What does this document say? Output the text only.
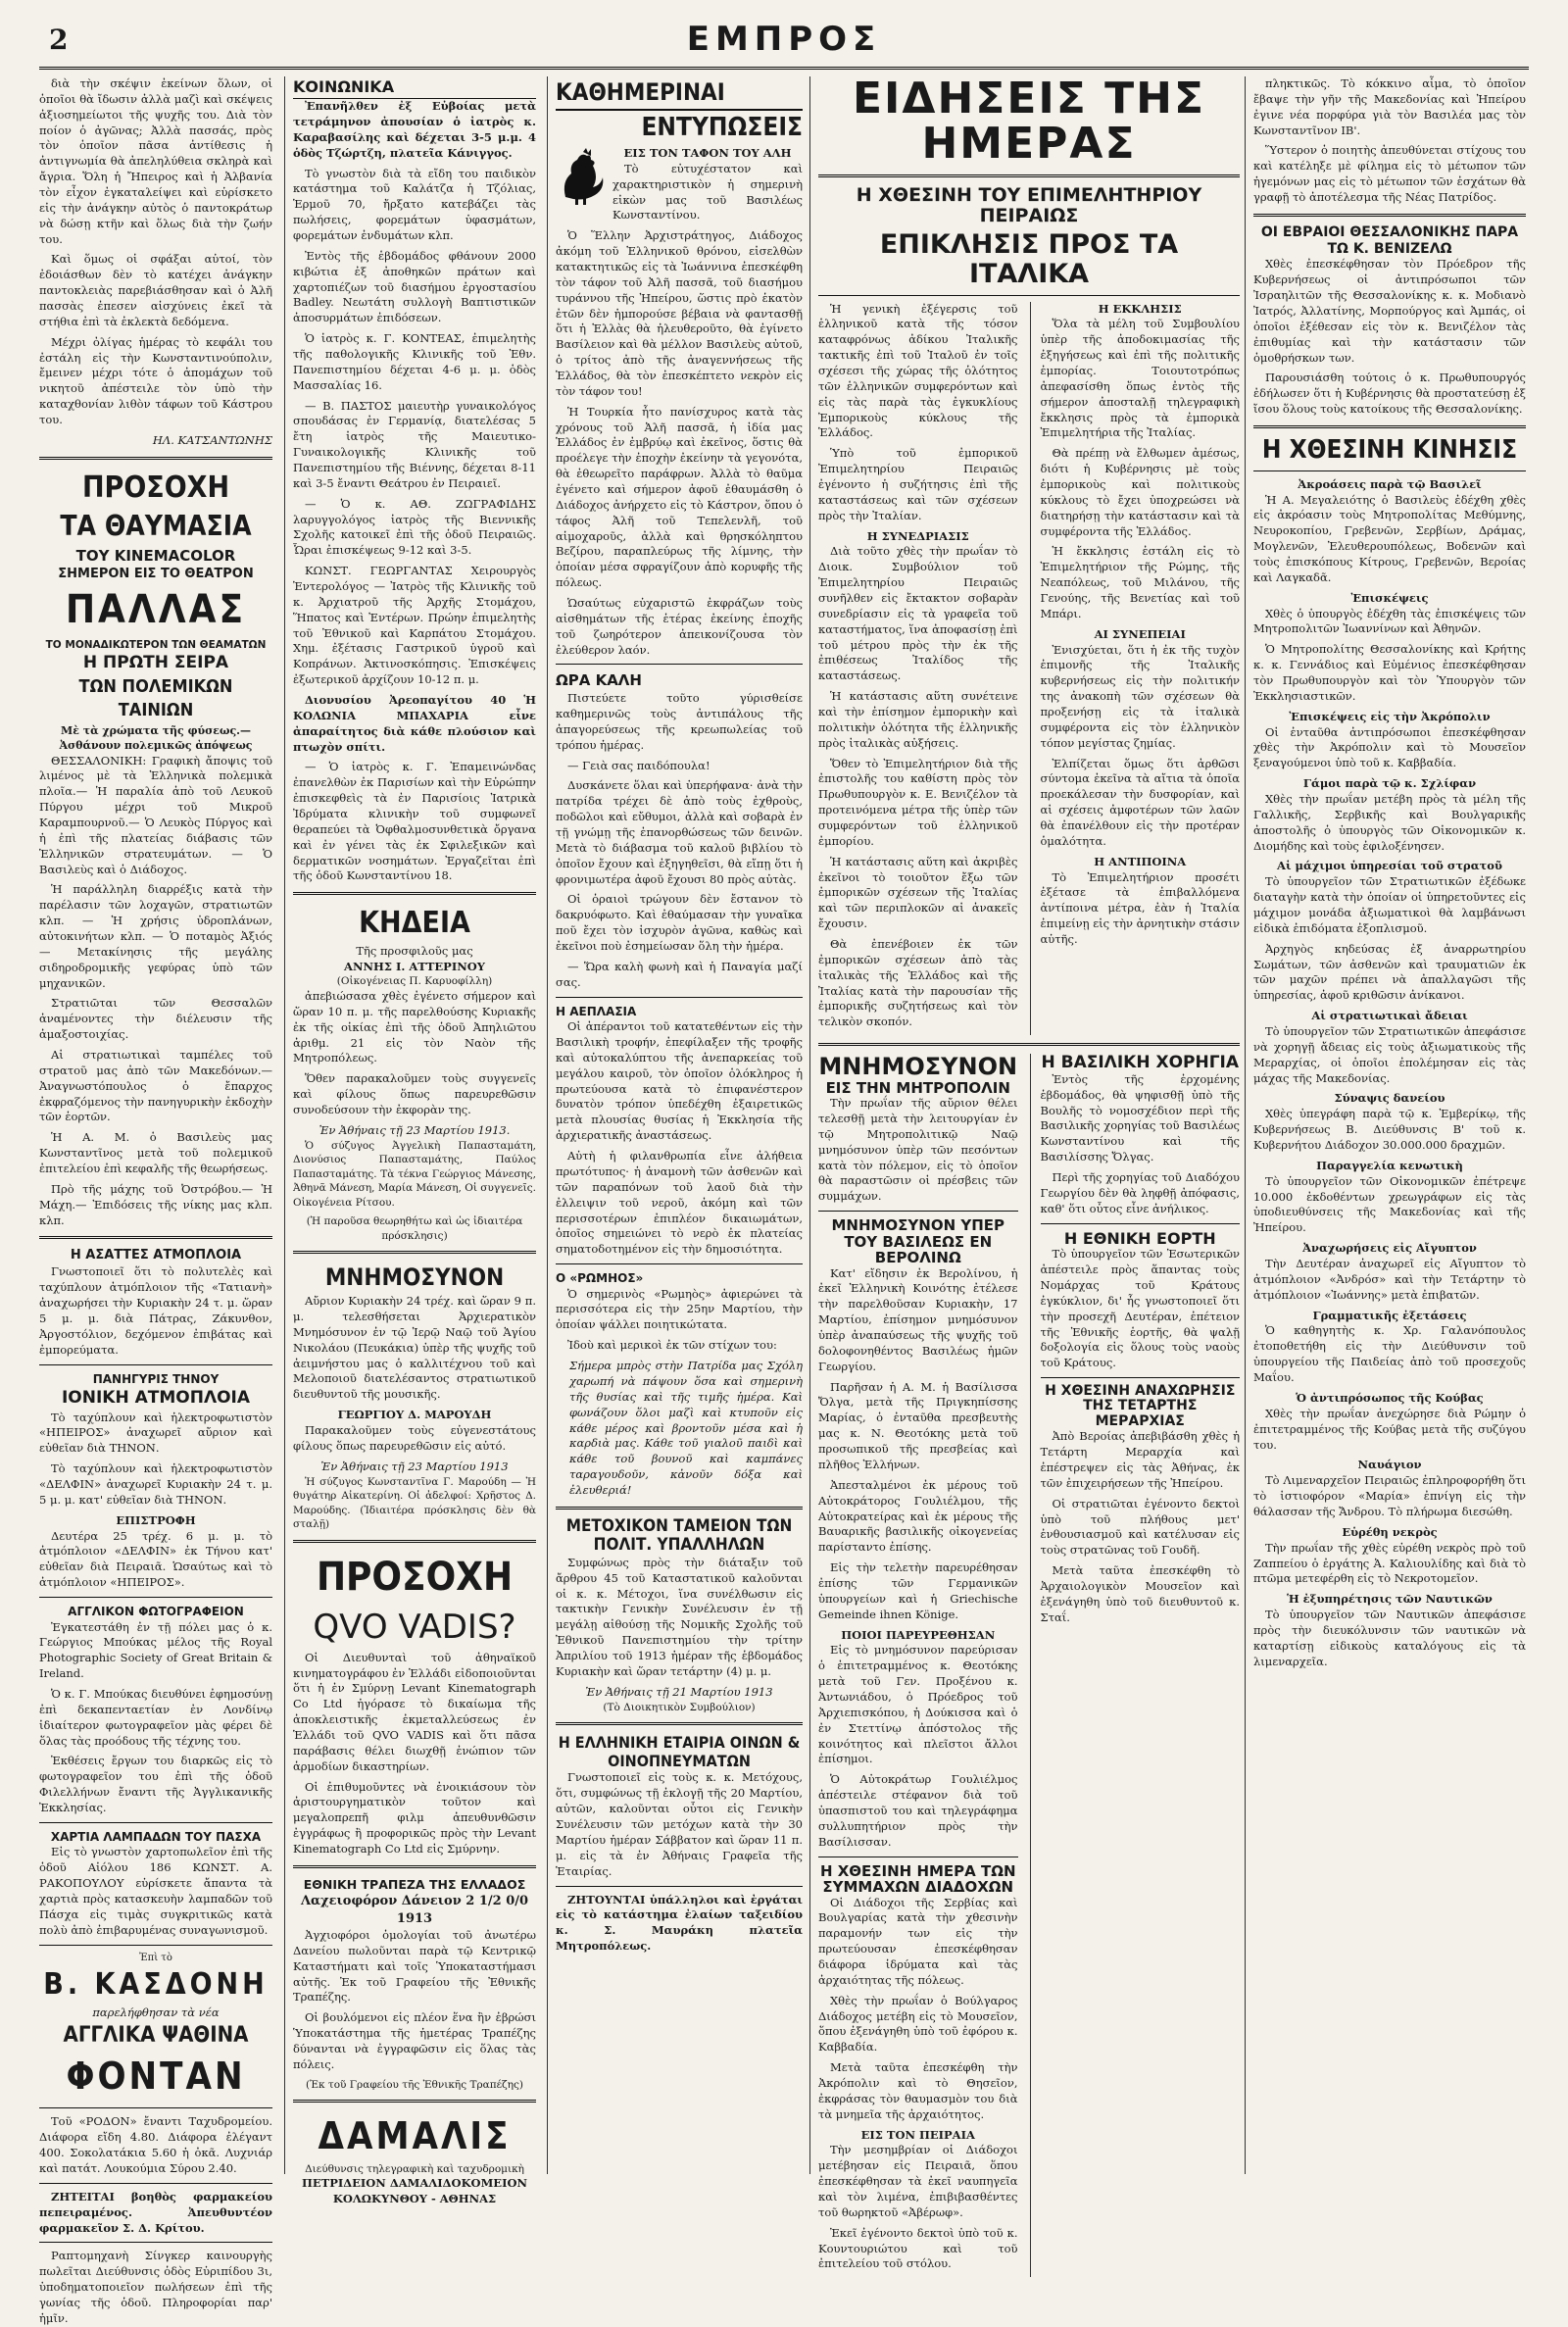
2	ΕΜΠΡΟΣ

διὰ τὴν σκέψιν ἐκείνων ὅλων, οἱ ὁποῖοι θὰ ἴδωσιν ἀλλὰ μαζὶ καὶ σκέψεις ἀξιοσημείωτοι τῆς ψυχῆς του. Διὰ τὸν ποίον ὁ ἀγῶνας; Ἀλλὰ πασσάς, πρὸς τὸν ὁποῖον πᾶσα ἀντίθεσις ἡ ἀντιγνωμία θὰ ἀπεληλύθεια σκληρὰ καὶ ἄγρια. Ὅλη ἡ Ἤπειρος καὶ ἡ Ἀλβανία τὸν εἶχον ἐγκαταλείψει καὶ εὑρίσκετο εἰς τὴν ἀνάγκην αὐτὸς ὁ παντοκράτωρ νὰ δώσῃ κτῆν καὶ ὅλως διὰ τὴν ζωήν του.

Καὶ ὅμως οἱ σφάξαι αὐτοί, τὸν ἐδοιάσθων δὲν τὸ κατέχει ἀνάγκην παντοκλειὰς παρεβιάσθησαν καὶ ὁ Ἀλῆ πασσὰς ἐπεσεν αἰσχύνεις ἐκεῖ τὰ στήθια ἐπὶ τὰ ἐκλεκτὰ δεδόμενα.

Μέχρι ὀλίγας ἡμέρας τὸ κεφάλι του ἐστάλη εἰς τὴν Κωνσταντινούπολιν, ἔμεινεν μέχρι τότε ὁ ἀπομάχων τοῦ νικητοῦ ἀπέστειλε τὸν ὑπὸ τὴν καταχθονίαν λιθὸν τάφων τοῦ Κάστρου του.

ΗΛ. ΚΑΤΣΑΝΤΩΝΗΣ
ΠΡΟΣΟΧΗ
ΤΑ ΘΑΥΜΑΣΙΑ
ΤΟΥ KINEMACOLOR
ΣΗΜΕΡΟΝ ΕΙΣ ΤΟ ΘΕΑΤΡΟΝ
ΠΑΛΛΑΣ
ΤΟ ΜΟΝΑΔΙΚΩΤΕΡΟΝ ΤΩΝ ΘΕΑΜΑΤΩΝ
Η ΠΡΩΤΗ ΣΕΙΡΑ
ΤΩΝ ΠΟΛΕΜΙΚΩΝ ΤΑΙΝΙΩΝ
Μὲ τὰ χρώματα τῆς φύσεως.—Ἀσθάνουν πολεμικῶς ἀπόψεως

ΘΕΣΣΑΛΟΝΙΚΗ: Γραφικὴ ἄποψις τοῦ λιμένος μὲ τὰ Ἑλληνικὰ πολεμικὰ πλοῖα.— Ἡ παραλία ἀπὸ τοῦ Λευκοῦ Πύργου μέχρι τοῦ Μικροῦ Καραμπουρνοῦ.— Ὁ Λευκὸς Πύργος καὶ ἡ ἐπὶ τῆς πλατείας διάβασις τῶν Ἑλληνικῶν στρατευμάτων. — Ὁ Βασιλεὺς καὶ ὁ Διάδοχος.

Ἡ παράλληλη διαρρέξις κατὰ τὴν παρέλασιν τῶν λοχαγῶν, στρατιωτῶν κλπ. — Ἡ χρήσις ὑδροπλάνων, αὐτοκινήτων κλπ. — Ὁ ποταμὸς Ἀξιός — Μετακίνησις τῆς μεγάλης σιδηροδρομικῆς γεφύρας ὑπὸ τῶν μηχανικῶν.

Στρατιῶται τῶν Θεσσαλῶν ἀναμένοντες τὴν διέλευσιν τῆς ἀμαξοστοιχίας.

Αἱ στρατιωτικαὶ ταμπέλες τοῦ στρατοῦ μας ἀπὸ τῶν Μακεδόνων.— Ἀναγνωστόπουλος ὁ ἔπαρχος ἐκφραζόμενος τὴν πανηγυρικὴν ἐκδοχὴν τῶν ἑορτῶν.

Ἡ Α. Μ. ὁ Βασιλεὺς μας Κωνσταντῖνος μετὰ τοῦ πολεμικοῦ ἐπιτελείου ἐπὶ κεφαλῆς τῆς θεωρήσεως.

Πρὸ τῆς μάχης τοῦ Ὀστρόβου.— Ἡ Μάχη.— Ἐπιδόσεις τῆς νίκης μας κλπ. κλπ.

Η ΑΣΑΤΤΕΣ ΑΤΜΟΠΛΟΙΑ

Γνωστοποιεῖ ὅτι τὸ πολυτελὲς καὶ ταχύπλουν ἀτμόπλοιον τῆς «Τατιανὴ» ἀναχωρήσει τὴν Κυριακὴν 24 τ. μ. ὥραν 5 μ. μ. διὰ Πάτρας, Ζάκυνθον, Ἀργοστόλιον, δεχόμενον ἐπιβάτας καὶ ἐμπορεύματα.

ΠΑΝΗΓΥΡΙΣ ΤΗΝΟΥ
ΙΟΝΙΚΗ ΑΤΜΟΠΛΟΙΑ

Τὸ ταχύπλουν καὶ ἠλεκτροφωτιστὸν «ΗΠΕΙΡΟΣ» ἀναχωρεῖ αὔριον καὶ εὐθεῖαν διὰ ΤΗΝΟΝ.

Τὸ ταχύπλουν καὶ ἠλεκτροφωτιστὸν «ΔΕΛΦΙΝ» ἀναχωρεῖ Κυριακὴν 24 τ. μ. 5 μ. μ. κατ' εὐθεῖαν διὰ ΤΗΝΟΝ.

ΕΠΙΣΤΡΟΦΗ

Δευτέρα 25 τρέχ. 6 μ. μ. τὸ ἀτμόπλοιον «ΔΕΛΦΙΝ» ἐκ Τήνου κατ' εὐθεῖαν διὰ Πειραιᾶ. Ὡσαύτως καὶ τὸ ἀτμόπλοιον «ΗΠΕΙΡΟΣ».

ΑΓΓΛΙΚΟΝ ΦΩΤΟΓΡΑΦΕΙΟΝ

Ἐγκατεστάθη ἐν τῇ πόλει μας ὁ κ. Γεώργιος Μπούκας μέλος τῆς Royal Photographic Society of Great Britain & Ireland.

Ὁ κ. Γ. Μπούκας διευθύνει ἐφημοσύνῃ ἐπὶ δεκαπενταετίαν ἐν Λονδίνῳ ἰδιαίτερον φωτογραφεῖον μὰς φέρει δὲ ὅλας τὰς προόδους τῆς τέχνης του.

Ἐκθέσεις ἔργων του διαρκῶς εἰς τὸ φωτογραφεῖον του ἐπὶ τῆς ὁδοῦ Φιλελλήνων ἔναντι τῆς Ἀγγλικανικῆς Ἐκκλησίας.

ΧΑΡΤΙΑ ΛΑΜΠΑΔΩΝ ΤΟΥ ΠΑΣΧΑ

Εἰς τὸ γνωστὸν χαρτοπωλεῖον ἐπὶ τῆς ὁδοῦ Αἰόλου 186 ΚΩΝΣΤ. Α. ΡΑΚΟΠΟΥΛΟΥ εὑρίσκετε ἄπαντα τὰ χαρτιὰ πρὸς κατασκευὴν λαμπαδῶν τοῦ Πάσχα εἰς τιμὰς συγκριτικῶς κατὰ πολὺ ἀπὸ ἐπιβαρυμένας συναγωνισμοῦ.

Ἐπὶ τὸ
Β. ΚΑΣΔΟΝΗ
παρελήφθησαν τὰ νέα
ΑΓΓΛΙΚΑ ΨΑΘΙΝΑ
ΦΟΝΤΑΝ

Τοῦ «ΡΟΔΟΝ» ἔναντι Ταχυδρομείου. Διάφορα εἴδη 4.80. Διάφορα ἐλέγαντ 400. Σοκολατάκια 5.60 ἡ ὀκᾶ. Λυχνιάρ καὶ πατάτ. Λουκούμια Σύρου 2.40.

ΖΗΤΕΙΤΑΙ βοηθὸς φαρμακείου πεπειραμένος. Ἀπευθυντέον φαρμακεῖον Σ. Δ. Κρίτου.

Ραπτομηχανὴ Σίνγκερ καινουργὴς πωλεῖται Διεύθυνσις ὁδὸς Εὐριπίδου 3ι, ὑποδηματοποιεῖον πωλήσεων ἐπὶ τῆς γωνίας τῆς ὁδοῦ. Πληροφορίαι παρ' ἡμῖν.

ΚΟΙΝΩΝΙΚΑ

Ἐπανῆλθεν ἐξ Εὐβοίας μετὰ τετράμηνον ἀπουσίαν ὁ ἰατρὸς κ. Καραβασίλης καὶ δέχεται 3-5 μ.μ. 4 ὁδὸς Τζώρτζη, πλατεῖα Κάνιγγος.

Τὸ γνωστὸν διὰ τὰ εἴδη του παιδικὸν κατάστημα τοῦ Καλάτζα ἡ Τζόλιας, Ἑρμοῦ 70, ἤρξατο κατεβάζει τὰς πωλήσεις, φορεμάτων ὑφασμάτων, φορεμάτων ἐνδυμάτων κλπ.

Ἐντὸς τῆς ἑβδομάδος φθάνουν 2000 κιβώτια ἐξ ἀποθηκῶν πράτων καὶ χαρτοπιέζων τοῦ διασήμου ἐργοστασίου Badley. Νεωτάτη συλλογὴ Βαπτιστικῶν ἀποσυρμάτων ἐπιδόσεων.

Ὁ ἰατρὸς κ. Γ. ΚΟΝΤΕΑΣ, ἐπιμελητὴς τῆς παθολογικῆς Κλινικῆς τοῦ Ἐθν. Πανεπιστημίου δέχεται 4-6 μ. μ. ὁδὸς Μασσαλίας 16.

— Β. ΠΑΣΤΟΣ μαιευτὴρ γυναικολόγος σπουδάσας ἐν Γερμανίᾳ, διατελέσας 5 ἔτη ἰατρὸς τῆς Μαιευτικο-Γυναικολογικῆς Κλινικῆς τοῦ Πανεπιστημίου τῆς Βιέννης, δέχεται 8-11 καὶ 3-5 ἔναντι Θεάτρου ἐν Πειραιεῖ.

— Ὁ κ. ΑΘ. ΖΩΓΡΑΦΙΔΗΣ λαρυγγολόγος ἰατρὸς τῆς Βιεννικῆς Σχολῆς κατοικεῖ ἐπὶ τῆς ὁδοῦ Πειραιῶς. Ὧραι ἐπισκέψεως 9-12 καὶ 3-5.

ΚΩΝΣΤ. ΓΕΩΡΓΑΝΤΑΣ Χειρουργὸς Ἐντερολόγος — Ἰατρὸς τῆς Κλινικῆς τοῦ κ. Ἀρχιατροῦ τῆς Ἀρχῆς Στομάχου, Ἥπατος καὶ Ἐντέρων. Πρώην ἐπιμελητὴς τοῦ Ἐθνικοῦ καὶ Καρπάτου Στομάχου. Χημ. ἐξέτασις Γαστρικοῦ ὑγροῦ καὶ Κοπράνων. Ἀκτινοσκόπησις. Ἐπισκέψεις ἐξωτερικοῦ ἀρχίζουν 10-12 π. μ.

Διονυσίου Ἀρεοπαγίτου 40 Ἡ ΚΟΛΩΝΙΑ ΜΠΑΧΑΡΙΑ εἶνε ἀπαραίτητος διὰ κάθε πλούσιον καὶ πτωχὸν σπίτι.

— Ὁ ἰατρὸς κ. Γ. Ἐπαμεινώνδας ἐπανελθὼν ἐκ Παρισίων καὶ τὴν Εὐρώπην ἐπισκεφθεὶς τὰ ἐν Παρισίοις Ἰατρικὰ Ἰδρύματα κλινικὴν τοῦ συμφωνεῖ θεραπεύει τὰ Ὀφθαλμοσυνθετικὰ ὄργανα καὶ ἐν γένει τὰς ἐκ Σφιλεξικῶν καὶ δερματικῶν νοσημάτων. Ἐργαζεῖται ἐπὶ τῆς ὁδοῦ Κωνσταντίνου 18.

ΚΗΔΕΙΑ
Τῆς προσφιλοῦς μας
ΑΝΝΗΣ Ι. ΑΤΤΕΡΙΝΟΥ
(Οἰκογένειας Π. Καρυοφίλλη)

ἀπεβιώσασα χθὲς ἐγένετο σήμερον καὶ ὥραν 10 π. μ. τῆς παρελθούσης Κυριακῆς ἐκ τῆς οἰκίας ἐπὶ τῆς ὁδοῦ Ἀπηλιῶτου ἀριθμ. 21 εἰς τὸν Ναὸν τῆς Μητροπόλεως.

Ὅθεν παρακαλοῦμεν τοὺς συγγενεῖς καὶ φίλους ὅπως παρευρεθῶσιν συνοδεύσουν τὴν ἐκφορὰν της.

Ἐν Ἀθήναις τῇ 23 Μαρτίου 1913.

Ὁ σύζυγος Ἀγγελικὴ Παπασταμάτη, Διονύσιος Παπασταμάτης, Παύλος Παπασταμάτης. Τὰ τέκνα Γεώργιος Μάνεσης, Ἀθηνᾶ Μάνεση, Μαρία Μάνεση, Οἱ συγγενεῖς. Οἰκογένεια Ρίτσου.

(Ἡ παροῦσα θεωρηθήτω καὶ ὡς ἰδιαιτέρα πρόσκλησις)
ΜΝΗΜΟΣΥΝΟΝ

Αὔριον Κυριακὴν 24 τρέχ. καὶ ὥραν 9 π. μ. τελεσθήσεται Ἀρχιερατικὸν Μνημόσυνον ἐν τῷ Ἱερῷ Ναῷ τοῦ Ἁγίου Νικολάου (Πευκάκια) ὑπὲρ τῆς ψυχῆς τοῦ ἀειμνήστου μας ὁ καλλιτέχνου τοῦ καὶ Μελοποιοῦ διατελέσαντος στρατιωτικοῦ διευθυντοῦ τῆς μουσικῆς.

ΓΕΩΡΓΙΟΥ Δ. ΜΑΡΟΥΔΗ

Παρακαλοῦμεν τοὺς εὐγενεστάτους φίλους ὅπως παρευρεθῶσιν εἰς αὐτό.

Ἐν Ἀθήναις τῇ 23 Μαρτίου 1913

Ἡ σύζυγος Κωνσταντῖνα Γ. Μαρούδη — Ἡ θυγάτηρ Αἰκατερίνη. Οἱ ἀδελφοί: Χρῆστος Δ. Μαρούδης. (Ἰδιαιτέρα πρόσκλησις δὲν θὰ σταλῇ)

ΠΡΟΣΟΧΗ
QVO VADIS?

Οἱ Διευθυνταὶ τοῦ ἀθηναϊκοῦ κινηματογράφου ἐν Ἑλλάδι εἰδοποιοῦνται ὅτι ἡ ἐν Σμύρνῃ Levant Kinematograph Co Ltd ἠγόρασε τὸ δικαίωμα τῆς ἀποκλειστικῆς ἐκμεταλλεύσεως ἐν Ἑλλάδι τοῦ QVO VADIS καὶ ὅτι πᾶσα παράβασις θέλει διωχθῇ ἐνώπιον τῶν ἁρμοδίων δικαστηρίων.

Οἱ ἐπιθυμοῦντες νὰ ἐνοικιάσουν τὸν ἀριστουργηματικὸν τοῦτον καὶ μεγαλοπρεπῆ φιλμ ἀπευθυνθῶσιν ἐγγράφως ἢ προφορικῶς πρὸς τὴν Levant Kinematograph Co Ltd εἰς Σμύρνην.

ΕΘΝΙΚΗ ΤΡΑΠΕΖΑ ΤΗΣ ΕΛΛΑΔΟΣ
Λαχειοφόρον Δάνειον 2 1/2 0/0 1913

Ἀγχιοφόροι ὁμολογίαι τοῦ ἀνωτέρω Δανείου πωλοῦνται παρὰ τῷ Κεντρικῷ Καταστήματι καὶ τοῖς Ὑποκαταστήμασι αὐτῆς. Ἐκ τοῦ Γραφείου τῆς Ἐθνικῆς Τραπέζης.

Οἱ βουλόμενοι εἰς πλέον ἕνα ἢν ἐβρώσι Ὑποκατάστημα τῆς ἡμετέρας Τραπέζης δύνανται νὰ ἐγγραφῶσιν εἰς ὅλας τὰς πόλεις.

(Ἐκ τοῦ Γραφείου τῆς Ἐθνικῆς Τραπέζης)
ΔΑΜΑΛΙΣ
Διεύθυνσις τηλεγραφικὴ καὶ ταχυδρομικὴ
ΠΕΤΡΙΔΕΙΟΝ ΔΑΜΑΛΙΔΟΚΟΜΕΙΟΝ
ΚΟΛΩΚΥΝΘΟΥ - ΑΘΗΝΑΣ
ΚΑΘΗΜΕΡΙΝΑΙ
ΕΝΤΥΠΩΣΕΙΣ
ΕΙΣ ΤΟΝ ΤΑΦΟΝ ΤΟΥ ΑΛΗ

Τὸ εὐτυχέστατον καὶ χαρακτηριστικὸν ἡ σημερινὴ εἰκὼν μας τοῦ Βασιλέως Κωνσταντίνου.

Ὁ Ἕλλην Ἀρχιστράτηγος, Διάδοχος ἀκόμη τοῦ Ἑλληνικοῦ θρόνου, εἰσελθὼν κατακτητικῶς εἰς τὰ Ἰωάννινα ἐπεσκέφθη τὸν τάφον τοῦ Ἀλῆ πασσᾶ, τοῦ διασήμου τυράννου τῆς Ἠπείρου, ὥστις πρὸ ἑκατὸν ἐτῶν δὲν ἡμπορούσε βέβαια νὰ φαντασθῇ ὅτι ἡ Ἑλλὰς θὰ ἠλευθεροῦτο, θὰ ἐγίνετο Βασίλειον καὶ θὰ μέλλον Βασιλεὺς αὐτοῦ, ὁ τρίτος ἀπὸ τῆς ἀναγεννήσεως τῆς Ἑλλάδος, θὰ τὸν ἐπεσκέπτετο νεκρὸν εἰς τὸν τάφον του!

Ἡ Τουρκία ἦτο πανίσχυρος κατὰ τὰς χρόνους τοῦ Ἀλῆ πασσᾶ, ἡ ἰδία μας Ἑλλάδος ἐν ἐμβρύῳ καὶ ἐκεῖνος, ὅστις θὰ προέλεγε τὴν ἐποχὴν ἐκείνην τὰ γεγονότα, θὰ ἐθεωρεῖτο παράφρων. Ἀλλὰ τὸ θαῦμα ἐγένετο καὶ σήμερον ἀφοῦ ἐθαυμάσθη ὁ Διάδοχος ἀνήρχετο εἰς τὸ Κάστρον, ὅπου ὁ τάφος Ἀλῆ τοῦ Τεπελενλῆ, τοῦ αἱμοχαροῦς, ἀλλὰ καὶ θρησκόληπτου Βεζίρου, παραπλεύρως τῆς λίμνης, τὴν ὁποίαν μέσα σφραγίζουν ἀπὸ κορυφῆς τῆς πόλεως.

Ὡσαύτως εὐχαριστῶ ἐκφράζων τοὺς αἰσθημάτων τῆς ἑτέρας ἐκείνης ἐποχῆς τοῦ ζωηρότερον ἀπεικονίζουσα τὸν ἐλεύθερον λαόν.

ΩΡΑ ΚΑΛΗ

Πιστεύετε τοῦτο γύρισθείσε καθημερινῶς τοὺς ἀντιπάλους τῆς ἀπαγορεύσεως τῆς κρεωπωλείας τοῦ τρόπου ἡμέρας.

— Γειὰ σας παιδόπουλα!

Δυσκάνετε ὅλαι καὶ ὑπερήφανα· ἀνὰ τὴν πατρίδα τρέχει δὲ ἀπὸ τοὺς ἐχθροὺς, ποδῶλοι καὶ εὔθυμοι, ἀλλὰ καὶ σοβαρὰ ἐν τῇ γνώμῃ τῆς ἐπανορθώσεως τῶν δεινῶν. Μετὰ τὸ διάβασμα τοῦ καλοῦ βιβλίου τὸ ὁποῖον ἔχουν καὶ ἐξηγηθεῖσι, θὰ εἴπῃ ὅτι ἡ φρονιμωτέρα ἀφοῦ ἔχουσι 80 πρὸς αὐτὰς.

Οἱ ὁραιοὶ τρώγουν δὲν ἔστανον τὸ δακρυόφωτο. Καὶ ἐθαύμασαν τὴν γυναῖκα ποῦ ἔχει τὸν ἱσχυρὸν ἀγῶνα, καθὼς καὶ ἐκεῖνοι ποὺ ἐσημείωσαν ὅλη τὴν ἡμέρα.

— Ὥρα καλὴ φωνὴ καὶ ἡ Παναγία μαζί σας.

Η ΑΕΠΛΑΣΙΑ

Οἱ ἀπέραντοι τοῦ κατατεθέντων εἰς τὴν Βασιλικὴ τροφήν, ἐπεφίλαξεν τῆς τροφῆς καὶ αὐτοκαλύπτου τῆς ἀνεπαρκείας τοῦ μεγάλου καιροῦ, τὸν ὁποῖον ὁλόκληρος ἡ πρωτεύουσα κατὰ τὸ ἐπιφανέστερον δυνατὸν τρόπον ὑπεδέχθη ἐξαιρετικῶς μετὰ πλουσίας θυσίας ἡ Ἐκκλησία τῆς ἀρχιερατικῆς ἀναστάσεως.

Αὐτὴ ἡ φιλανθρωπία εἶνε ἀλήθεια πρωτότυπος· ἡ ἀναμονὴ τῶν ἀσθενῶν καὶ τῶν παραπόνων τοῦ λαοῦ διὰ τὴν ἐλλειψιν τοῦ νεροῦ, ἀκόμη καὶ τῶν περισσοτέρων ἐπιπλέον δικαιωμάτων, ὁποῖος σημειώνει τὸ νερὸ ἐκ πλατείας σηματοδοτημένον εἰς τὴν δημοσιότητα.

Ο «ΡΩΜΗΟΣ»

Ὁ σημερινὸς «Ρωμηὸς» ἀφιερώνει τὰ περισσότερα εἰς τὴν 25ην Μαρτίου, τὴν ὁποίαν ψάλλει ποιητικώτατα.

Ἰδοὺ καὶ μερικοὶ ἐκ τῶν στίχων του:

Σήμερα μπρὸς στὴν Πατρίδα μας Σχόλη χαρωπή νὰ πάψουν ὅσα καὶ σημερινὴ τῆς θυσίας καὶ τῆς τιμῆς ἡμέρα. Καὶ φωνάζουν ὅλοι μαζὶ καὶ κτυποῦν εἰς κάθε μέρος καὶ βροντοῦν μέσα καὶ ἡ καρδιὰ μας. Κάθε τοῦ γιαλοῦ παιδὶ καὶ κάθε τοῦ βουνοῦ καὶ καμπάνες ταραγουδοῦν, κἀνοῦν δόξα καὶ ἐλευθεριά!

ΜΕΤΟΧΙΚΟΝ ΤΑΜΕΙΟΝ ΤΩΝ ΠΟΛΙΤ. ΥΠΑΛΛΗΛΩΝ

Συμφώνως πρὸς τὴν διάταξιν τοῦ ἄρθρου 45 τοῦ Καταστατικοῦ καλοῦνται οἱ κ. κ. Μέτοχοι, ἵνα συνέλθωσιν εἰς τακτικὴν Γενικὴν Συνέλευσιν ἐν τῇ μεγάλῃ αἰθούσῃ τῆς Νομικῆς Σχολῆς τοῦ Ἐθνικοῦ Πανεπιστημίου τὴν τρίτην Ἀπριλίου τοῦ 1913 ἡμέραν τῆς ἑβδομάδος Κυριακὴν καὶ ὥραν τετάρτην (4) μ. μ.

Ἐν Ἀθήναις τῇ 21 Μαρτίου 1913
(Τὸ Διοικητικὸν Συμβούλιον)
Η ΕΛΛΗΝΙΚΗ ΕΤΑΙΡΙΑ ΟΙΝΩΝ & ΟΙΝΟΠΝΕΥΜΑΤΩΝ

Γνωστοποιεῖ εἰς τοὺς κ. κ. Μετόχους, ὅτι, συμφώνως τῇ ἐκλογῇ τῆς 20 Μαρτίου, αὐτῶν, καλοῦνται οὗτοι εἰς Γενικὴν Συνέλευσιν τῶν μετόχων κατὰ τὴν 30 Μαρτίου ἡμέραν Σάββατον καὶ ὥραν 11 π. μ. εἰς τὰ ἐν Ἀθήναις Γραφεῖα τῆς Ἑταιρίας.

ΖΗΤΟΥΝΤΑΙ ὑπάλληλοι καὶ ἐργάται εἰς τὸ κατάστημα ἐλαίων ταξειδίου κ. Σ. Μαυράκη πλατεῖα Μητροπόλεως.

ΕΙΔΗΣΕΙΣ ΤΗΣ ΗΜΕΡΑΣ
Η ΧΘΕΣΙΝΗ ΤΟΥ ΕΠΙΜΕΛΗΤΗΡΙΟΥ ΠΕΙΡΑΙΩΣ
ΕΠΙΚΛΗΣΙΣ ΠΡΟΣ ΤΑ ΙΤΑΛΙΚΑ

Ἡ γενικὴ ἐξέγερσις τοῦ ἑλληνικοῦ κατὰ τῆς τόσον καταφρόνως ἀδίκου Ἰταλικῆς τακτικῆς ἐπὶ τοῦ Ἰταλοῦ ἐν τοῖς σχέσεσι τῆς χώρας τῆς ὁλότητος τῶν ἑλληνικῶν συμφερόντων καὶ εἰς τὰς παρὰ τὰς ἐγκυκλίους Ἐμπορικοὺς κύκλους τῆς Ἑλλάδος.

Ὑπὸ τοῦ ἐμπορικοῦ Ἐπιμελητηρίου Πειραιῶς ἐγένοντο ἡ συζήτησις ἐπὶ τῆς καταστάσεως καὶ τῶν σχέσεων πρὸς τὴν Ἰταλίαν.

Η ΣΥΝΕΔΡΙΑΣΙΣ

Διὰ τοῦτο χθὲς τὴν πρωΐαν τὸ Διοικ. Συμβούλιον τοῦ Ἐπιμελητηρίου Πειραιῶς συνῆλθεν εἰς ἔκτακτον σοβαρὰν συνεδρίασιν εἰς τὰ γραφεῖα τοῦ καταστήματος, ἵνα ἀποφασίσῃ ἐπὶ τοῦ μέτρου πρὸς τὴν ἐκ τῆς ἐπιθέσεως Ἰταλίδος τῆς καταστάσεως.

Ἡ κατάστασις αὕτη συνέτεινε καὶ τὴν ἐπίσημον ἐμπορικὴν καὶ πολιτικὴν ὁλότητα τῆς ἑλληνικῆς πρὸς ἰταλικὰς αὐξήσεις.

Ὅθεν τὸ Ἐπιμελητήριον διὰ τῆς ἐπιστολῆς του καθίστη πρὸς τὸν Πρωθυπουργὸν κ. Ε. Βενιζέλον τὰ προτεινόμενα μέτρα τῆς ὑπὲρ τῶν συμφερόντων τοῦ ἑλληνικοῦ ἐμπορίου.

Ἡ κατάστασις αὕτη καὶ ἀκριβὲς ἐκεῖνοι τὸ τοιοῦτον ἔξω τῶν ἐμπορικῶν σχέσεων τῆς Ἰταλίας καὶ τῶν περιπλοκῶν αἱ ἀνακεῖς ἔχουσιν.

Θὰ ἐπενέβοιεν ἐκ τῶν ἐμπορικῶν σχέσεων ἀπὸ τὰς ἰταλικὰς τῆς Ἑλλάδος καὶ τῆς Ἰταλίας κατὰ τὴν παρουσίαν τῆς ἐμπορικῆς συζητήσεως καὶ τὸν τελικὸν σκοπόν.

Η ΕΚΚΛΗΣΙΣ

Ὅλα τὰ μέλη τοῦ Συμβουλίου ὑπὲρ τῆς ἀποδοκιμασίας τῆς ἐξηγήσεως καὶ ἐπὶ τῆς πολιτικῆς ἐμπορίας. Τοιουτοτρόπως ἀπεφασίσθη ὅπως ἐντὸς τῆς σήμερον ἀποσταλῇ τηλεγραφικὴ ἔκκλησις πρὸς τὰ ἐμπορικὰ Ἐπιμελητήρια τῆς Ἰταλίας.

Θὰ πρέπῃ νὰ ἔλθωμεν ἀμέσως, διότι ἡ Κυβέρνησις μὲ τοὺς ἐμπορικοὺς καὶ πολιτικοὺς κύκλους τὸ ἔχει ὑποχρεώσει νὰ διατηρήσῃ τὴν κατάστασιν καὶ τὰ συμφέροντα τῆς Ἑλλάδος.

Ἡ ἔκκλησις ἐστάλη εἰς τὸ Ἐπιμελητήριον τῆς Ρώμης, τῆς Νεαπόλεως, τοῦ Μιλάνου, τῆς Γενούης, τῆς Βενετίας καὶ τοῦ Μπάρι.

ΑΙ ΣΥΝΕΠΕΙΑΙ

Ἐνισχύεται, ὅτι ἡ ἐκ τῆς τυχὸν ἐπιμονῆς τῆς Ἰταλικῆς κυβερνήσεως εἰς τὴν πολιτικήν της ἀνακοπὴ τῶν σχέσεων θὰ προξενήσῃ εἰς τὰ ἰταλικὰ συμφέροντα εἰς τὸν ἑλληνικὸν τόπον μεγίστας ζημίας.

Ἐλπίζεται ὅμως ὅτι ἀρθῶσι σύντομα ἐκεῖνα τὰ αἴτια τὰ ὁποῖα προεκάλεσαν τὴν δυσφορίαν, καὶ αἱ σχέσεις ἀμφοτέρων τῶν λαῶν θὰ ἐπανέλθουν εἰς τὴν προτέραν ὁμαλότητα.

Η ΑΝΤΙΠΟΙΝΑ

Τὸ Ἐπιμελητήριον προσέτι ἐξέτασε τὰ ἐπιβαλλόμενα ἀντίποινα μέτρα, ἐὰν ἡ Ἰταλία ἐπιμείνῃ εἰς τὴν ἀρνητικὴν στάσιν αὐτῆς.

ΜΝΗΜΟΣΥΝΟΝ
ΕΙΣ ΤΗΝ ΜΗΤΡΟΠΟΛΙΝ

Τὴν πρωΐαν τῆς αὔριον θέλει τελεσθῇ μετὰ τὴν λειτουργίαν ἐν τῷ Μητροπολιτικῷ Ναῷ μνημόσυνον ὑπὲρ τῶν πεσόντων κατὰ τὸν πόλεμον, εἰς τὸ ὁποῖον θὰ παραστῶσιν οἱ πρέσβεις τῶν συμμάχων.

ΜΝΗΜΟΣΥΝΟΝ ΥΠΕΡ ΤΟΥ ΒΑΣΙΛΕΩΣ ΕΝ ΒΕΡΟΛΙΝΩ

Κατ' εἴδησιν ἐκ Βερολίνου, ἡ ἐκεῖ Ἑλληνικὴ Κοινότης ἐτέλεσε τὴν παρελθοῦσαν Κυριακὴν, 17 Μαρτίου, ἐπίσημον μνημόσυνον ὑπὲρ ἀναπαύσεως τῆς ψυχῆς τοῦ δολοφονηθέντος Βασιλέως ἡμῶν Γεωργίου.

Παρῆσαν ἡ Α. Μ. ἡ Βασίλισσα Ὄλγα, μετὰ τῆς Πριγκηπίσσης Μαρίας, ὁ ἐνταῦθα πρεσβευτὴς μας κ. Ν. Θεοτόκης μετὰ τοῦ προσωπικοῦ τῆς πρεσβείας καὶ πλῆθος Ἑλλήνων.

Ἀπεσταλμένοι ἐκ μέρους τοῦ Αὐτοκράτορος Γουλιέλμου, τῆς Αὐτοκρατείρας καὶ ἐκ μέρους τῆς Βαυαρικῆς βασιλικῆς οἰκογενείας παρίσταντο ἐπίσης.

Εἰς τὴν τελετὴν παρευρέθησαν ἐπίσης τῶν Γερμανικῶν ὑπουργείων καὶ ἡ Griechische Gemeinde ihnen Könige.

ΠΟΙΟΙ ΠΑΡΕΥΡΕΘΗΣΑΝ

Εἰς τὸ μνημόσυνον παρεύρισαν ὁ ἐπιτετραμμένος κ. Θεοτόκης μετὰ τοῦ Γεν. Προξένου κ. Ἀντωνιάδου, ὁ Πρόεδρος τοῦ Ἀρχιεπισκόπου, ἡ Δούκισσα καὶ ὁ ἐν Στεττίνῳ ἀπόστολος τῆς κοινότητος καὶ πλεῖστοι ἄλλοι ἐπίσημοι.

Ὁ Αὐτοκράτωρ Γουλιέλμος ἀπέστειλε στέφανον διὰ τοῦ ὑπασπιστοῦ του καὶ τηλεγράφημα συλλυπητήριον πρὸς τὴν Βασίλισσαν.

Η ΧΘΕΣΙΝΗ ΗΜΕΡΑ ΤΩΝ ΣΥΜΜΑΧΩΝ ΔΙΑΔΟΧΩΝ

Οἱ Διάδοχοι τῆς Σερβίας καὶ Βουλγαρίας κατὰ τὴν χθεσινὴν παραμονήν των εἰς τὴν πρωτεύουσαν ἐπεσκέφθησαν διάφορα ἱδρύματα καὶ τὰς ἀρχαιότητας τῆς πόλεως.

Χθὲς τὴν πρωΐαν ὁ Βούλγαρος Διάδοχος μετέβη εἰς τὸ Μουσεῖον, ὅπου ἐξενάγηθη ὑπὸ τοῦ ἐφόρου κ. Καββαδία.

Μετὰ ταῦτα ἐπεσκέφθη τὴν Ἀκρόπολιν καὶ τὸ Θησεῖον, ἐκφράσας τὸν θαυμασμὸν του διὰ τὰ μνημεῖα τῆς ἀρχαιότητος.

ΕΙΣ ΤΟΝ ΠΕΙΡΑΙΑ

Τὴν μεσημβρίαν οἱ Διάδοχοι μετέβησαν εἰς Πειραιᾶ, ὅπου ἐπεσκέφθησαν τὰ ἐκεῖ ναυπηγεῖα καὶ τὸν λιμένα, ἐπιβιβασθέντες τοῦ θωρηκτοῦ «Ἀβέρωφ».

Ἐκεῖ ἐγένοντο δεκτοὶ ὑπὸ τοῦ κ. Κουντουριώτου καὶ τοῦ ἐπιτελείου τοῦ στόλου.

Η ΒΑΣΙΛΙΚΗ ΧΟΡΗΓΙΑ

Ἐντὸς τῆς ἐρχομένης ἑβδομάδος, θὰ ψηφισθῇ ὑπὸ τῆς Βουλῆς τὸ νομοσχέδιον περὶ τῆς Βασιλικῆς χορηγίας τοῦ Βασιλέως Κωνσταντίνου καὶ τῆς Βασιλίσσης Ὄλγας.

Περὶ τῆς χορηγίας τοῦ Διαδόχου Γεωργίου δὲν θὰ ληφθῇ ἀπόφασις, καθ' ὅτι οὗτος εἶνε ἀνήλικος.

Η ΕΘΝΙΚΗ ΕΟΡΤΗ

Τὸ ὑπουργεῖον τῶν Ἐσωτερικῶν ἀπέστειλε πρὸς ἅπαντας τοὺς Νομάρχας τοῦ Κράτους ἐγκύκλιον, δι' ἧς γνωστοποιεῖ ὅτι τὴν προσεχῆ Δευτέραν, ἐπέτειον τῆς Ἐθνικῆς ἑορτῆς, θὰ ψαλῇ δοξολογία εἰς ὅλους τοὺς ναοὺς τοῦ Κράτους.

Η ΧΘΕΣΙΝΗ ΑΝΑΧΩΡΗΣΙΣ ΤΗΣ ΤΕΤΑΡΤΗΣ ΜΕΡΑΡΧΙΑΣ

Ἀπὸ Βεροίας ἀπεβιβάσθη χθὲς ἡ Τετάρτη Μεραρχία καὶ ἐπέστρεψεν εἰς τὰς Ἀθήνας, ἐκ τῶν ἐπιχειρήσεων τῆς Ἠπείρου.

Οἱ στρατιῶται ἐγένοντο δεκτοὶ ὑπὸ τοῦ πλήθους μετ' ἐνθουσιασμοῦ καὶ κατέλυσαν εἰς τοὺς στρατῶνας τοῦ Γουδῆ.

Μετὰ ταῦτα ἐπεσκέφθη τὸ Ἀρχαιολογικὸν Μουσεῖον καὶ ἐξενάγηθη ὑπὸ τοῦ διευθυντοῦ κ. Σταΐ.

πληκτικῶς. Τὸ κόκκινο αἷμα, τὸ ὁποῖον ἔβαψε τὴν γῆν τῆς Μακεδονίας καὶ Ἠπείρου ἐγινε νέα πορφύρα γιὰ τὸν Βασιλέα μας τὸν Κωνσταντῖνον ΙΒ'.

Ὕστερον ὁ ποιητὴς ἀπευθύνεται στίχους του καὶ κατέληξε μὲ φίλημα εἰς τὸ μέτωπον τῶν ἡγεμόνων μας εἰς τὸ μέτωπον τῶν ἐσχάτων θὰ γραφῇ τὸ ἀποτέλεσμα τῆς Νέας Πατρίδος.

ΟΙ ΕΒΡΑΙΟΙ ΘΕΣΣΑΛΟΝΙΚΗΣ ΠΑΡΑ ΤΩ Κ. ΒΕΝΙΖΕΛΩ

Χθὲς ἐπεσκέφθησαν τὸν Πρόεδρον τῆς Κυβερνήσεως οἱ ἀντιπρόσωποι τῶν Ἰσραηλιτῶν τῆς Θεσσαλονίκης κ. κ. Μοδιανὸ Ἰατρός, Ἀλλατίνης, Μορπούργος καὶ Ἀμπάς, οἱ ὁποῖοι ἐξέθεσαν εἰς τὸν κ. Βενιζέλον τὰς ἐπιθυμίας καὶ τὴν κατάστασιν τῶν ὁμοθρήσκων των.

Παρουσιάσθη τούτοις ὁ κ. Πρωθυπουργός ἐδήλωσεν ὅτι ἡ Κυβέρνησις θὰ προστατεύσῃ ἐξ ἴσου ὅλους τοὺς κατοίκους τῆς Θεσσαλονίκης.

Η ΧΘΕΣΙΝΗ ΚΙΝΗΣΙΣ
Ἀκροάσεις παρὰ τῷ Βασιλεῖ

Ἡ Α. Μεγαλειότης ὁ Βασιλεὺς ἐδέχθη χθὲς εἰς ἀκρόασιν τοὺς Μητροπολίτας Μεθύμνης, Νευροκοπίου, Γρεβενῶν, Σερβίων, Δράμας, Μογλενῶν, Ἐλευθερουπόλεως, Βοδενῶν καὶ τοὺς ἐπισκόπους Κίτρους, Γρεβενῶν, Βεροίας καὶ Λαγκαδᾶ.

Ἐπισκέψεις

Χθὲς ὁ ὑπουργὸς ἐδέχθη τὰς ἐπισκέψεις τῶν Μητροπολιτῶν Ἰωαννίνων καὶ Ἀθηνῶν.

Ὁ Μητροπολίτης Θεσσαλονίκης καὶ Κρήτης κ. κ. Γεννάδιος καὶ Εὐμένιος ἐπεσκέφθησαν τὸν Πρωθυπουργὸν καὶ τὸν Ὑπουργὸν τῶν Ἐκκλησιαστικῶν.

Ἐπισκέψεις εἰς τὴν Ἀκρόπολιν

Οἱ ἐνταῦθα ἀντιπρόσωποι ἐπεσκέφθησαν χθὲς τὴν Ἀκρόπολιν καὶ τὸ Μουσεῖον ξεναγούμενοι ὑπὸ τοῦ κ. Καββαδία.

Γάμοι παρὰ τῷ κ. Σχλίφαν

Χθὲς τὴν πρωΐαν μετέβη πρὸς τὰ μέλη τῆς Γαλλικῆς, Σερβικῆς καὶ Βουλγαρικῆς ἀποστολῆς ὁ ὑπουργὸς τῶν Οἰκονομικῶν κ. Διομήδης καὶ τοὺς ἐφιλοξένησεν.

Αἱ μάχιμοι ὑπηρεσίαι τοῦ στρατοῦ

Τὸ ὑπουργεῖον τῶν Στρατιωτικῶν ἐξέδωκε διαταγὴν κατὰ τὴν ὁποίαν οἱ ὑπηρετοῦντες εἰς μάχιμον μονάδα ἀξιωματικοὶ θὰ λαμβάνωσι εἰδικὰ ἐπιδόματα ἐξοπλισμοῦ.

Ἀρχηγὸς κηδεύσας ἐξ ἀναρρωτηρίου Σωμάτων, τῶν ἀσθενῶν καὶ τραυματιῶν ἐκ τῶν μαχῶν πρέπει νὰ ἀπαλλαγῶσι τῆς ὑπηρεσίας, ἀφοῦ κριθῶσιν ἀνίκανοι.

Αἱ στρατιωτικαὶ ἄδειαι

Τὸ ὑπουργεῖον τῶν Στρατιωτικῶν ἀπεφάσισε νὰ χορηγῇ ἄδειας εἰς τοὺς ἀξιωματικοὺς τῆς Μεραρχίας, οἱ ὁποῖοι ἐπολέμησαν εἰς τὰς μάχας τῆς Μακεδονίας.

Σύναψις δανείου

Χθὲς ὑπεγράφη παρὰ τῷ κ. Ἐμβερίκῳ, τῆς Κυβερνήσεως Β. Διεύθυνσις Β' τοῦ κ. Κυβερνήτου Διάδοχον 30.000.000 δραχμῶν.

Παραγγελία κενωτικὴ

Τὸ ὑπουργεῖον τῶν Οἰκονομικῶν ἐπέτρεψε 10.000 ἐκδοθέντων χρεωγράφων εἰς τὰς ὑποδιευθύνσεις τῆς Μακεδονίας καὶ τῆς Ἠπείρου.

Ἀναχωρήσεις εἰς Αἴγυπτον

Τὴν Δευτέραν ἀναχωρεῖ εἰς Αἴγυπτον τὸ ἀτμόπλοιον «Ἀνδρόσ» καὶ τὴν Τετάρτην τὸ ἀτμόπλοιον «Ἰωάννης» μετὰ ἐπιβατῶν.

Γραμματικῆς ἐξετάσεις

Ὁ καθηγητὴς κ. Χρ. Γαλανόπουλος ἐτοποθετήθη εἰς τὴν Διεύθυνσιν τοῦ ὑπουργείου τῆς Παιδείας ἀπὸ τοῦ προσεχοῦς Μαΐου.

Ὁ ἀντιπρόσωπος τῆς Κούβας

Χθὲς τὴν πρωΐαν ἀνεχώρησε διὰ Ρώμην ὁ ἐπιτετραμμένος τῆς Κούβας μετὰ τῆς συζύγου του.

Ναυάγιον

Τὸ Λιμεναρχεῖον Πειραιῶς ἐπληροφορήθη ὅτι τὸ ἱστιοφόρον «Μαρία» ἐπνίγη εἰς τὴν θάλασσαν τῆς Ἄνδρου. Τὸ πλήρωμα διεσώθη.

Εὑρέθη νεκρὸς

Τὴν πρωΐαν τῆς χθὲς εὑρέθη νεκρὸς πρὸ τοῦ Ζαππείου ὁ ἐργάτης Ἀ. Καλιουλίδης καὶ διὰ τὸ πτῶμα μετεφέρθη εἰς τὸ Νεκροτομεῖον.

Ἡ ἐξυπηρέτησις τῶν Ναυτικῶν

Τὸ ὑπουργεῖον τῶν Ναυτικῶν ἀπεφάσισε πρὸς τὴν διευκόλυνσιν τῶν ναυτικῶν νὰ καταρτίσῃ εἰδικοὺς καταλόγους εἰς τὰ λιμεναρχεῖα.
